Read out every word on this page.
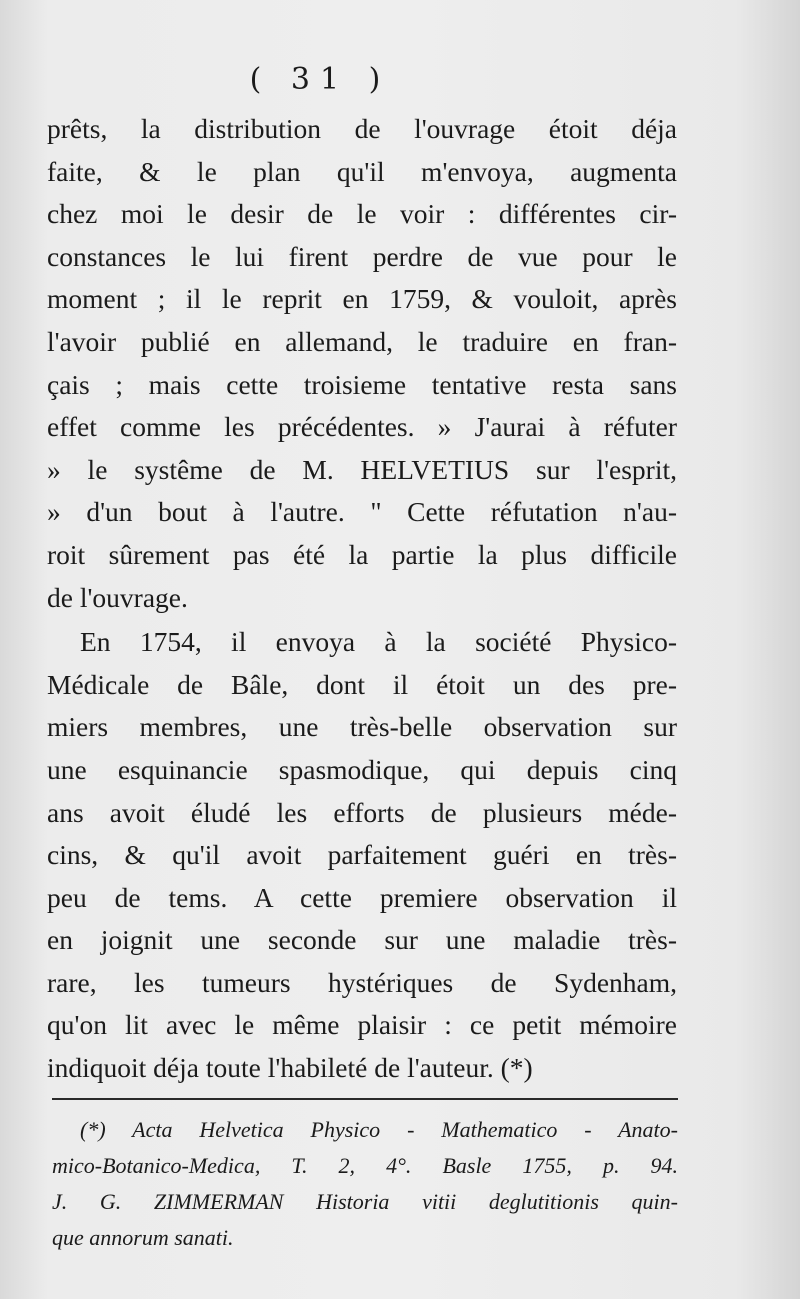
( 31 )
prêts, la distribution de l'ouvrage étoit déja
faite, & le plan qu'il m'envoya, augmenta
chez moi le desir de le voir : différentes cir-
constances le lui firent perdre de vue pour le
moment ; il le reprit en 1759, & vouloit, après
l'avoir publié en allemand, le traduire en fran-
çais ; mais cette troisieme tentative resta sans
effet comme les précédentes. » J'aurai à réfuter
» le systême de M. HELVETIUS sur l'esprit,
» d'un bout à l'autre. " Cette réfutation n'au-
roit sûrement pas été la partie la plus difficile
de l'ouvrage.
En 1754, il envoya à la société Physico-
Médicale de Bâle, dont il étoit un des pre-
miers membres, une très-belle observation sur
une esquinancie spasmodique, qui depuis cinq
ans avoit éludé les efforts de plusieurs méde-
cins, & qu'il avoit parfaitement guéri en très-
peu de tems. A cette premiere observation il
en joignit une seconde sur une maladie très-
rare, les tumeurs hystériques de Sydenham,
qu'on lit avec le même plaisir : ce petit mémoire
indiquoit déja toute l'habileté de l'auteur. (*)
(*) Acta Helvetica Physico - Mathematico - Anato-
mico-Botanico-Medica, T. 2, 4°. Basle 1755, p. 94.
J. G. ZIMMERMAN Historia vitii deglutitionis quin-
que annorum sanati.
